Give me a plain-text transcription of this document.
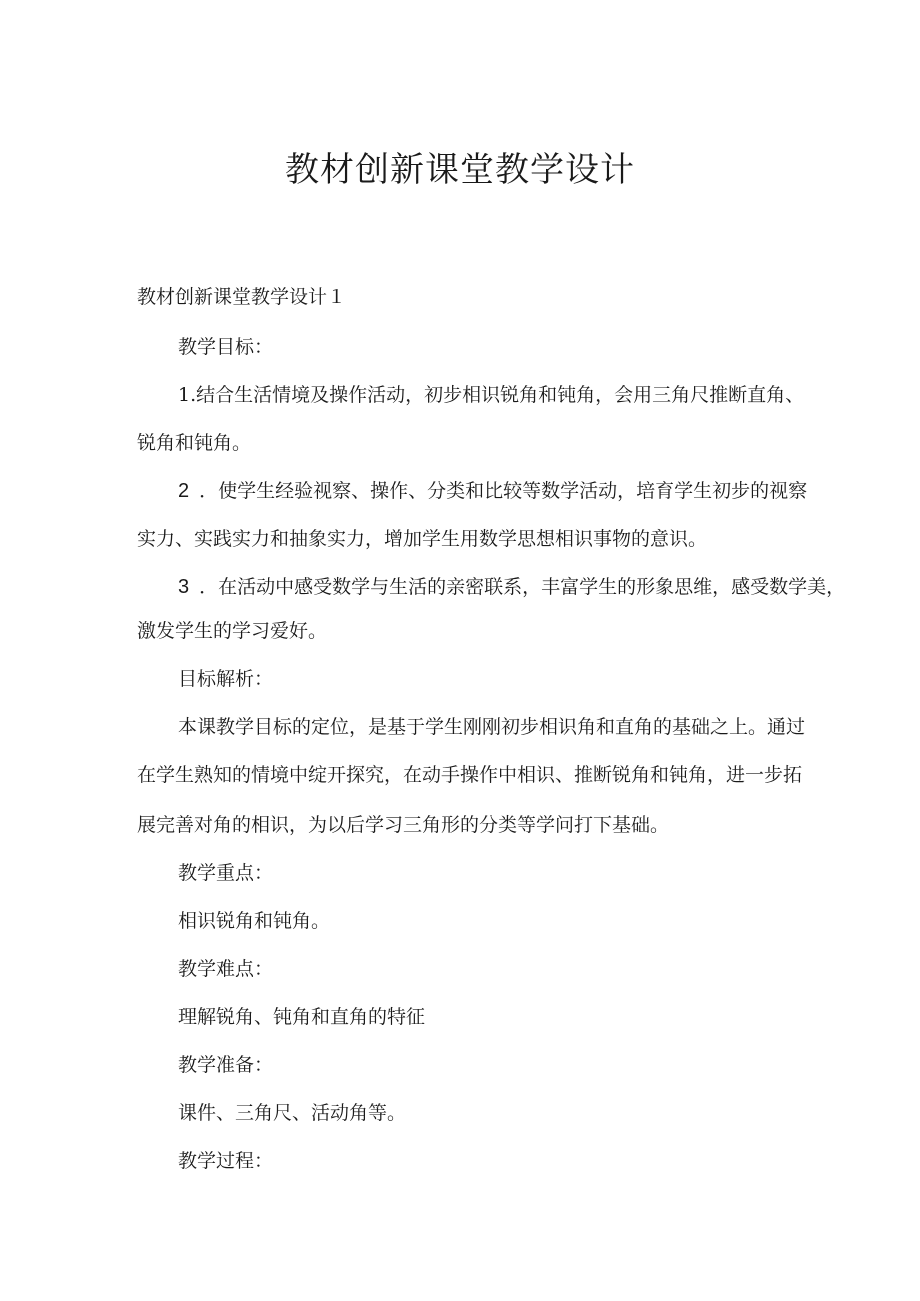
教材创新课堂教学设计

教材创新课堂教学设计１

教学目标：

1.结合生活情境及操作活动，初步相识锐角和钝角，会用三角尺推断直角、

锐角和钝角。

2 ．使学生经验视察、操作、分类和比较等数学活动，培育学生初步的视察

实力、实践实力和抽象实力，增加学生用数学思想相识事物的意识。

3 ．在活动中感受数学与生活的亲密联系，丰富学生的形象思维，感受数学美，

激发学生的学习爱好。

目标解析：

本课教学目标的定位，是基于学生刚刚初步相识角和直角的基础之上。通过

在学生熟知的情境中绽开探究，在动手操作中相识、推断锐角和钝角，进一步拓

展完善对角的相识，为以后学习三角形的分类等学问打下基础。

教学重点：

相识锐角和钝角。

教学难点：

理解锐角、钝角和直角的特征

教学准备：

课件、三角尺、活动角等。

教学过程：
